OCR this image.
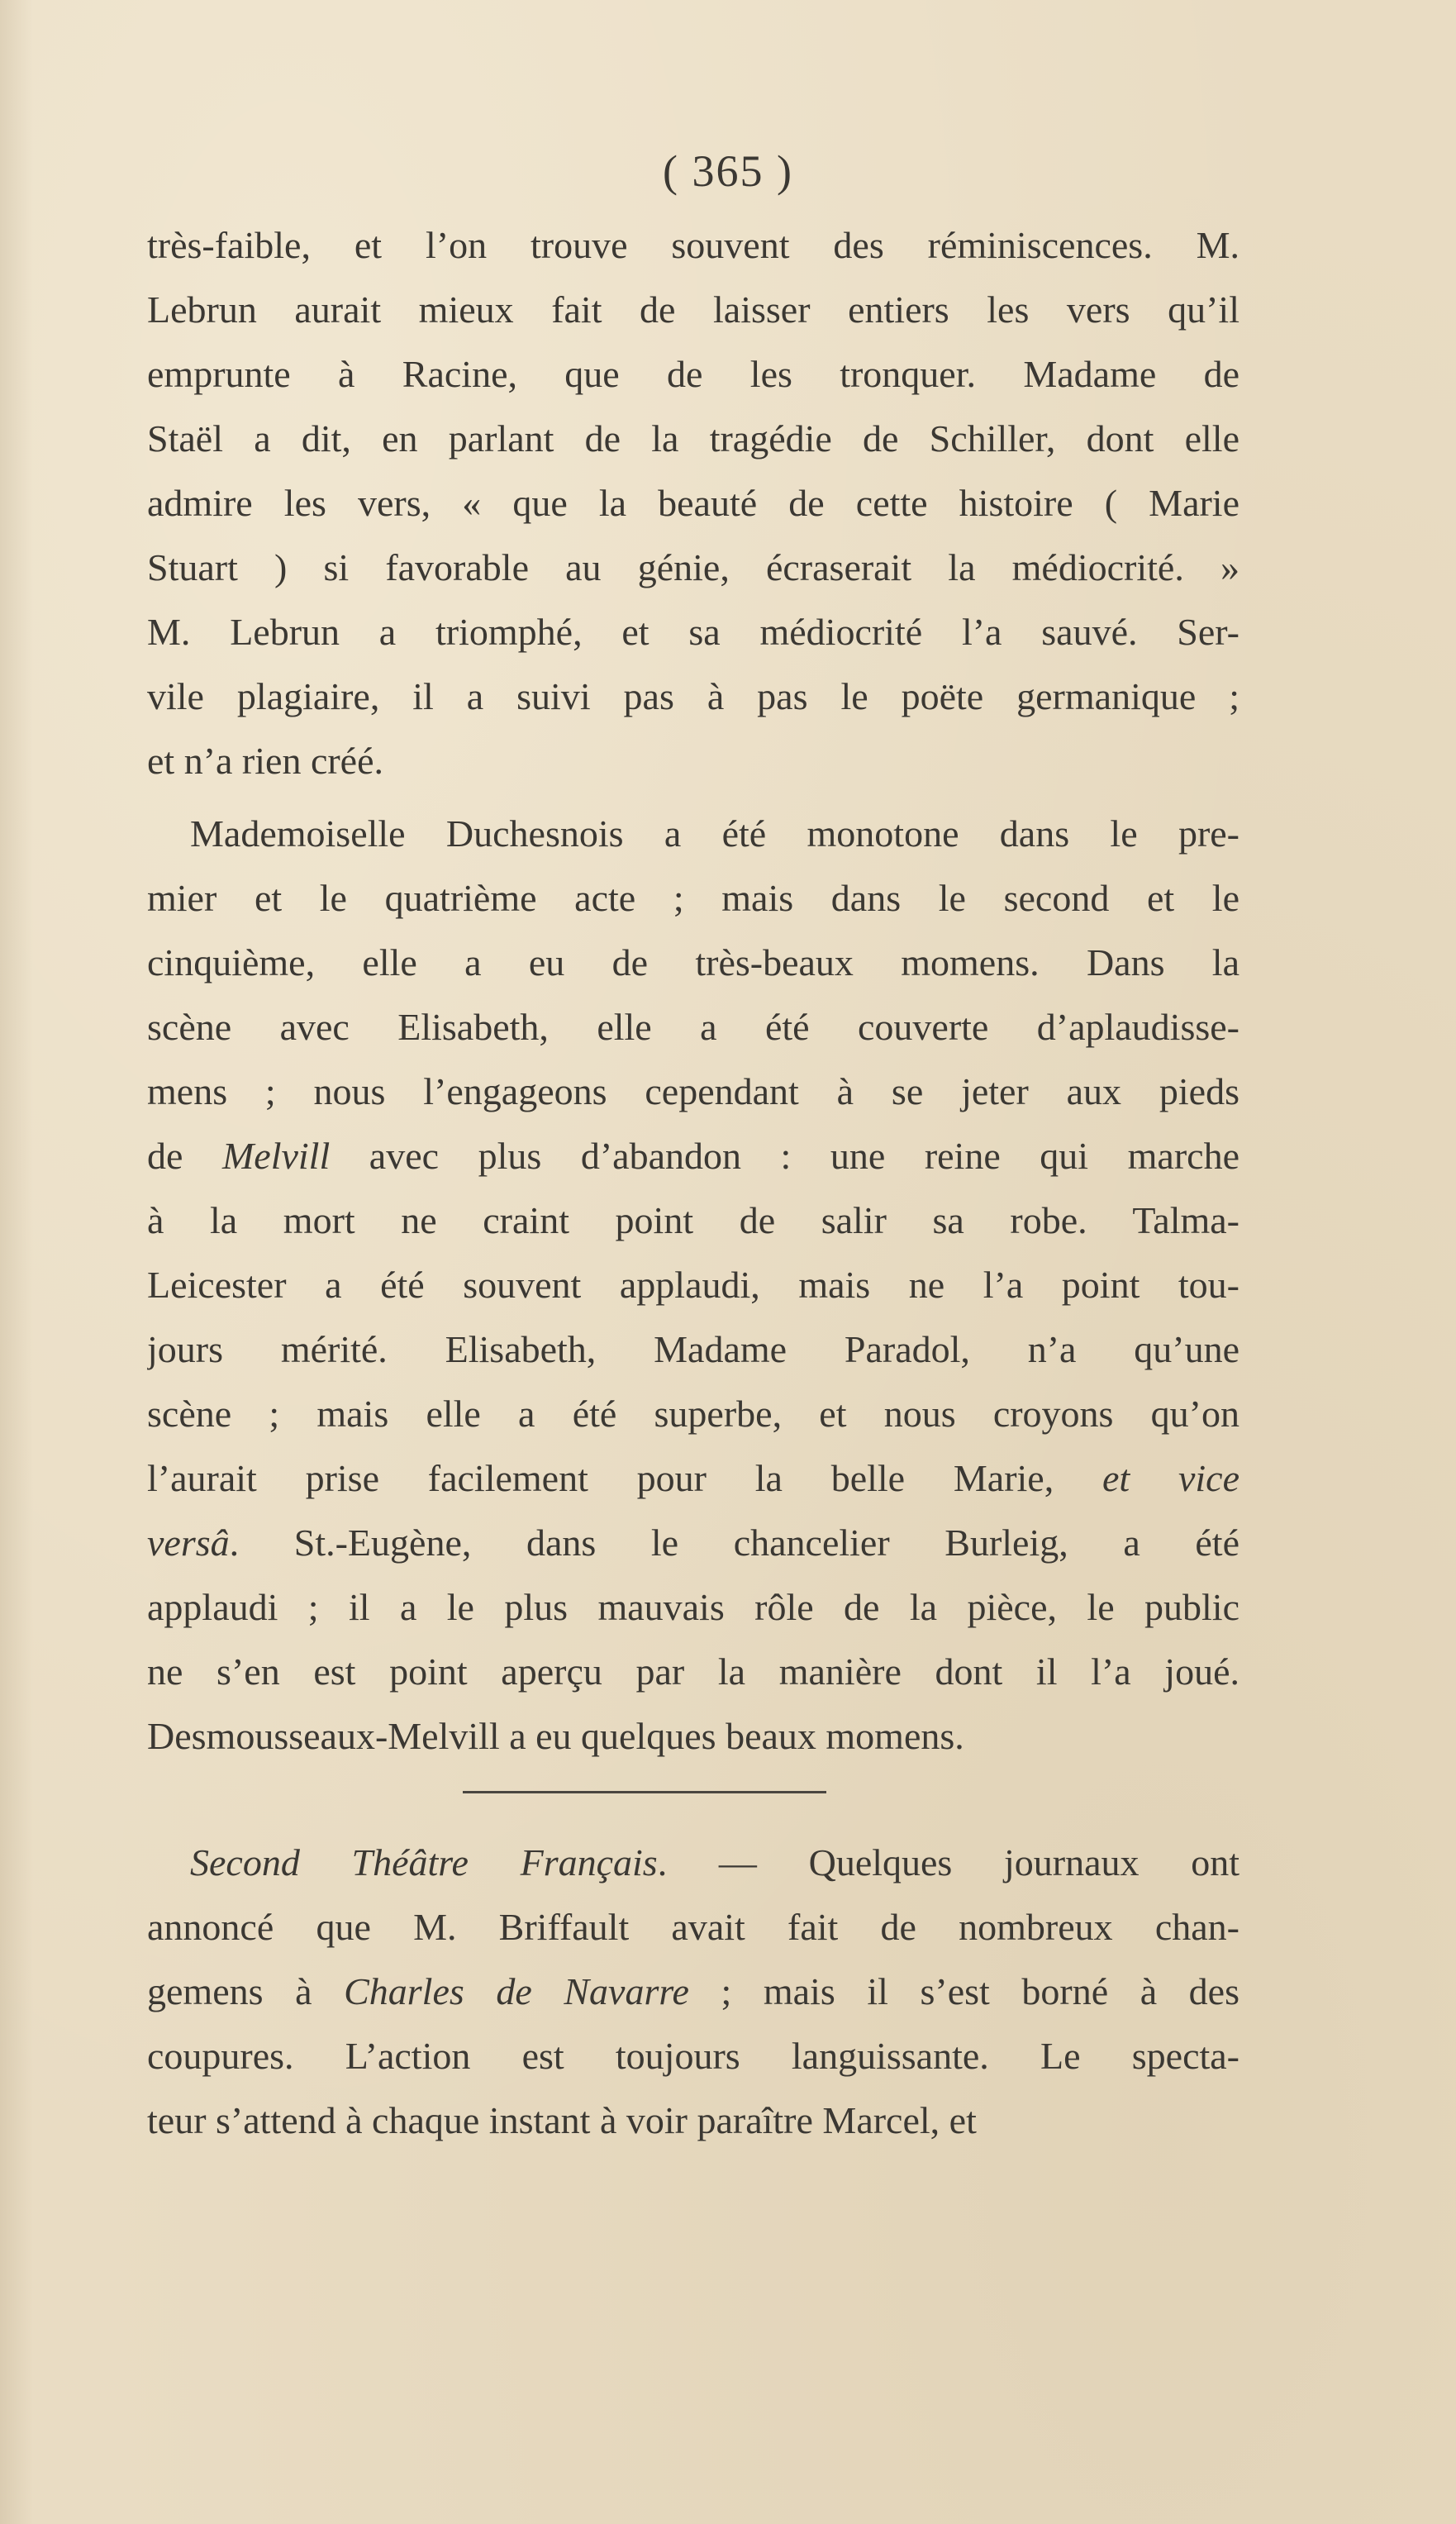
( 365 )
très-faible, et l’on trouve souvent des réminiscences. M.
Lebrun aurait mieux fait de laisser entiers les vers qu’il
emprunte à Racine, que de les tronquer. Madame de
Staël a dit, en parlant de la tragédie de Schiller, dont elle
admire les vers, « que la beauté de cette histoire ( Marie
Stuart ) si favorable au génie, écraserait la médiocrité. »
M. Lebrun a triomphé, et sa médiocrité l’a sauvé. Ser-
vile plagiaire, il a suivi pas à pas le poëte germanique ;
et n’a rien créé.
Mademoiselle Duchesnois a été monotone dans le pre-
mier et le quatrième acte ; mais dans le second et le
cinquième, elle a eu de très-beaux momens. Dans la
scène avec Elisabeth, elle a été couverte d’aplaudisse-
mens ; nous l’engageons cependant à se jeter aux pieds
de Melvill avec plus d’abandon : une reine qui marche
à la mort ne craint point de salir sa robe. Talma-
Leicester a été souvent applaudi, mais ne l’a point tou-
jours mérité. Elisabeth, Madame Paradol, n’a qu’une
scène ; mais elle a été superbe, et nous croyons qu’on
l’aurait prise facilement pour la belle Marie, et vice
versâ. St.-Eugène, dans le chancelier Burleig, a été
applaudi ; il a le plus mauvais rôle de la pièce, le public
ne s’en est point aperçu par la manière dont il l’a joué.
Desmousseaux-Melvill a eu quelques beaux momens.
Second Théâtre Français. — Quelques journaux ont
annoncé que M. Briffault avait fait de nombreux chan-
gemens à Charles de Navarre ; mais il s’est borné à des
coupures. L’action est toujours languissante. Le specta-
teur s’attend à chaque instant à voir paraître Marcel, et
